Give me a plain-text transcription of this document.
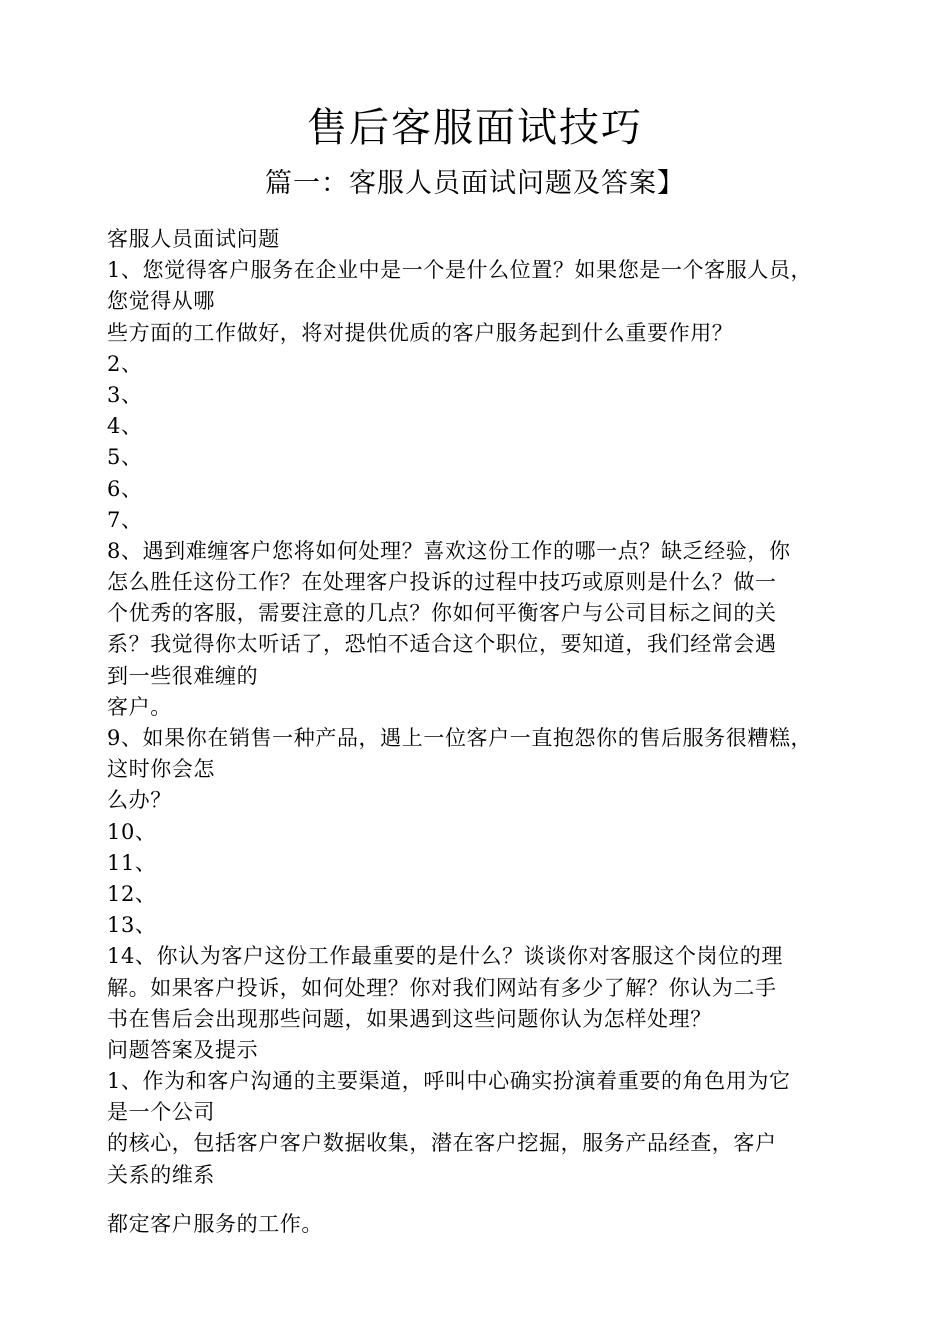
售后客服面试技巧
篇一：客服人员面试问题及答案】
客服人员面试问题
1、您觉得客户服务在企业中是一个是什么位置？如果您是一个客服人员，
您觉得从哪
些方面的工作做好，将对提供优质的客户服务起到什么重要作用？
2、
3、
4、
5、
6、
7、
8、遇到难缠客户您将如何处理？喜欢这份工作的哪一点？缺乏经验，你
怎么胜任这份工作？在处理客户投诉的过程中技巧或原则是什么？做一
个优秀的客服，需要注意的几点？你如何平衡客户与公司目标之间的关
系？我觉得你太听话了，恐怕不适合这个职位，要知道，我们经常会遇
到一些很难缠的
客户。
9、如果你在销售一种产品，遇上一位客户一直抱怨你的售后服务很糟糕，
这时你会怎
么办？
10、
11、
12、
13、
14、你认为客户这份工作最重要的是什么？谈谈你对客服这个岗位的理
解。如果客户投诉，如何处理？你对我们网站有多少了解？你认为二手
书在售后会出现那些问题，如果遇到这些问题你认为怎样处理？
问题答案及提示
1、作为和客户沟通的主要渠道，呼叫中心确实扮演着重要的角色用为它
是一个公司
的核心，包括客户客户数据收集，潜在客户挖掘，服务产品经查，客户
关系的维系
都定客户服务的工作。
